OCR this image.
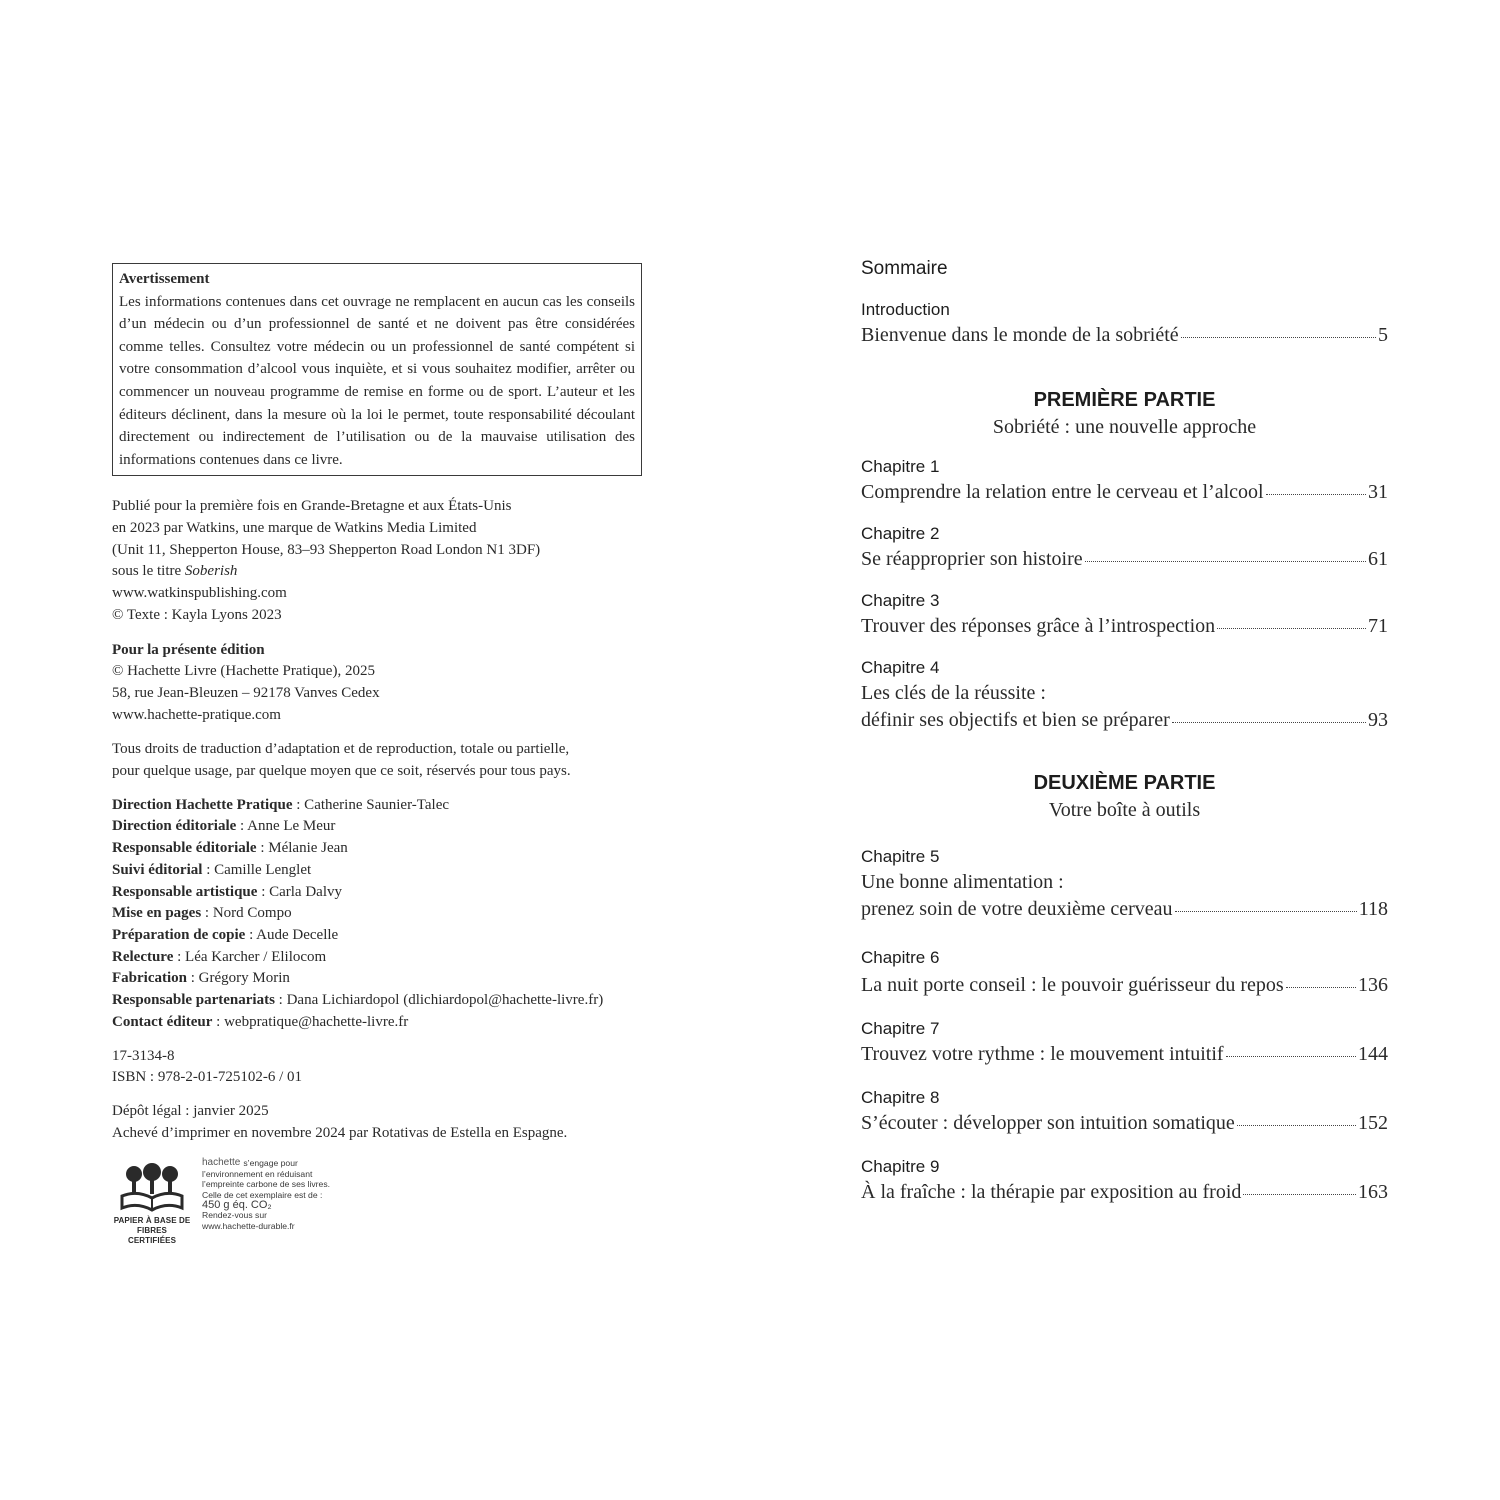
Avertissement
Les informations contenues dans cet ouvrage ne remplacent en aucun cas les conseils d’un médecin ou d’un professionnel de santé et ne doivent pas être considérées comme telles. Consultez votre médecin ou un professionnel de santé compétent si votre consommation d’alcool vous inquiète, et si vous souhaitez modifier, arrêter ou commencer un nouveau programme de remise en forme ou de sport. L’auteur et les éditeurs déclinent, dans la mesure où la loi le permet, toute responsabilité découlant directement ou indirectement de l’utilisation ou de la mauvaise utilisation des informations contenues dans ce livre.
Publié pour la première fois en Grande-Bretagne et aux États-Unis
en 2023 par Watkins, une marque de Watkins Media Limited
(Unit 11, Shepperton House, 83–93 Shepperton Road London N1 3DF)
sous le titre Soberish
www.watkinspublishing.com
© Texte : Kayla Lyons 2023
Pour la présente édition
© Hachette Livre (Hachette Pratique), 2025
58, rue Jean-Bleuzen – 92178 Vanves Cedex
www.hachette-pratique.com
Tous droits de traduction d’adaptation et de reproduction, totale ou partielle,
pour quelque usage, par quelque moyen que ce soit, réservés pour tous pays.
Direction Hachette Pratique : Catherine Saunier-Talec
Direction éditoriale : Anne Le Meur
Responsable éditoriale : Mélanie Jean
Suivi éditorial : Camille Lenglet
Responsable artistique : Carla Dalvy
Mise en pages : Nord Compo
Préparation de copie : Aude Decelle
Relecture : Léa Karcher / Elilocom
Fabrication : Grégory Morin
Responsable partenariats : Dana Lichiardopol (dlichiardopol@hachette-livre.fr)
Contact éditeur : webpratique@hachette-livre.fr
17-3134-8
ISBN : 978-2-01-725102-6 / 01
Dépôt légal : janvier 2025
Achevé d’imprimer en novembre 2024 par Rotativas de Estella en Espagne.
PAPIER À BASE DE
FIBRES CERTIFIÉES
hachette s’engage pour
l’environnement en réduisant
l’empreinte carbone de ses livres.
Celle de cet exemplaire est de :
450 g éq. CO₂
Rendez-vous sur
www.hachette-durable.fr
Sommaire
Introduction
Bienvenue dans le monde de la sobriété	5
PREMIÈRE PARTIE
Sobriété : une nouvelle approche
Chapitre 1
Comprendre la relation entre le cerveau et l’alcool	31
Chapitre 2
Se réapproprier son histoire	61
Chapitre 3
Trouver des réponses grâce à l’introspection	71
Chapitre 4
Les clés de la réussite :
définir ses objectifs et bien se préparer	93
DEUXIÈME PARTIE
Votre boîte à outils
Chapitre 5
Une bonne alimentation :
prenez soin de votre deuxième cerveau	118
Chapitre 6
La nuit porte conseil : le pouvoir guérisseur du repos	136
Chapitre 7
Trouvez votre rythme : le mouvement intuitif	144
Chapitre 8
S’écouter : développer son intuition somatique	152
Chapitre 9
À la fraîche : la thérapie par exposition au froid	163
